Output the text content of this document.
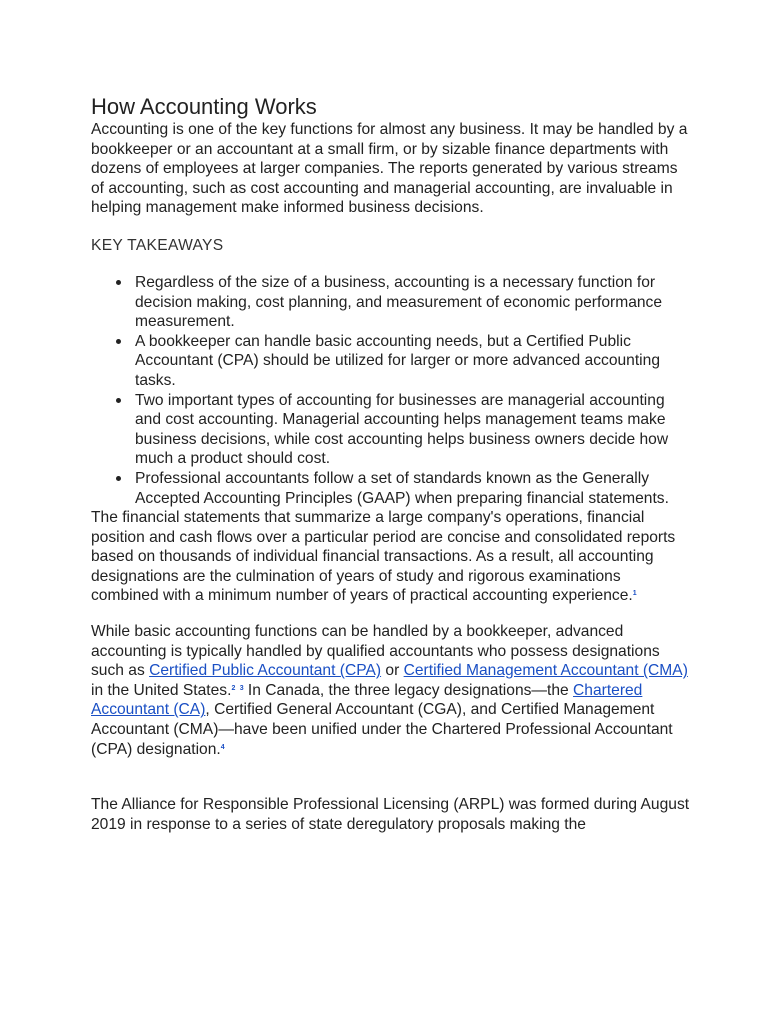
How Accounting Works

Accounting is one of the key functions for almost any business. It may be handled by a bookkeeper or an accountant at a small firm, or by sizable finance departments with dozens of employees at larger companies. The reports generated by various streams of accounting, such as cost accounting and managerial accounting, are invaluable in helping management make informed business decisions.

KEY TAKEAWAYS
Regardless of the size of a business, accounting is a necessary function for decision making, cost planning, and measurement of economic performance measurement.
A bookkeeper can handle basic accounting needs, but a Certified Public Accountant (CPA) should be utilized for larger or more advanced accounting tasks.
Two important types of accounting for businesses are managerial accounting and cost accounting. Managerial accounting helps management teams make business decisions, while cost accounting helps business owners decide how much a product should cost.
Professional accountants follow a set of standards known as the Generally Accepted Accounting Principles (GAAP) when preparing financial statements.

The financial statements that summarize a large company's operations, financial position and cash flows over a particular period are concise and consolidated reports based on thousands of individual financial transactions. As a result, all accounting designations are the culmination of years of study and rigorous examinations combined with a minimum number of years of practical accounting experience.$^1$

While basic accounting functions can be handled by a bookkeeper, advanced accounting is typically handled by qualified accountants who possess designations such as Certified Public Accountant (CPA) or Certified Management Accountant (CMA) in the United States.$^2$ $^3$ In Canada, the three legacy designations—the Chartered Accountant (CA), Certified General Accountant (CGA), and Certified Management Accountant (CMA)—have been unified under the Chartered Professional Accountant (CPA) designation.$^4$

The Alliance for Responsible Professional Licensing (ARPL) was formed during August 2019 in response to a series of state deregulatory proposals making the
